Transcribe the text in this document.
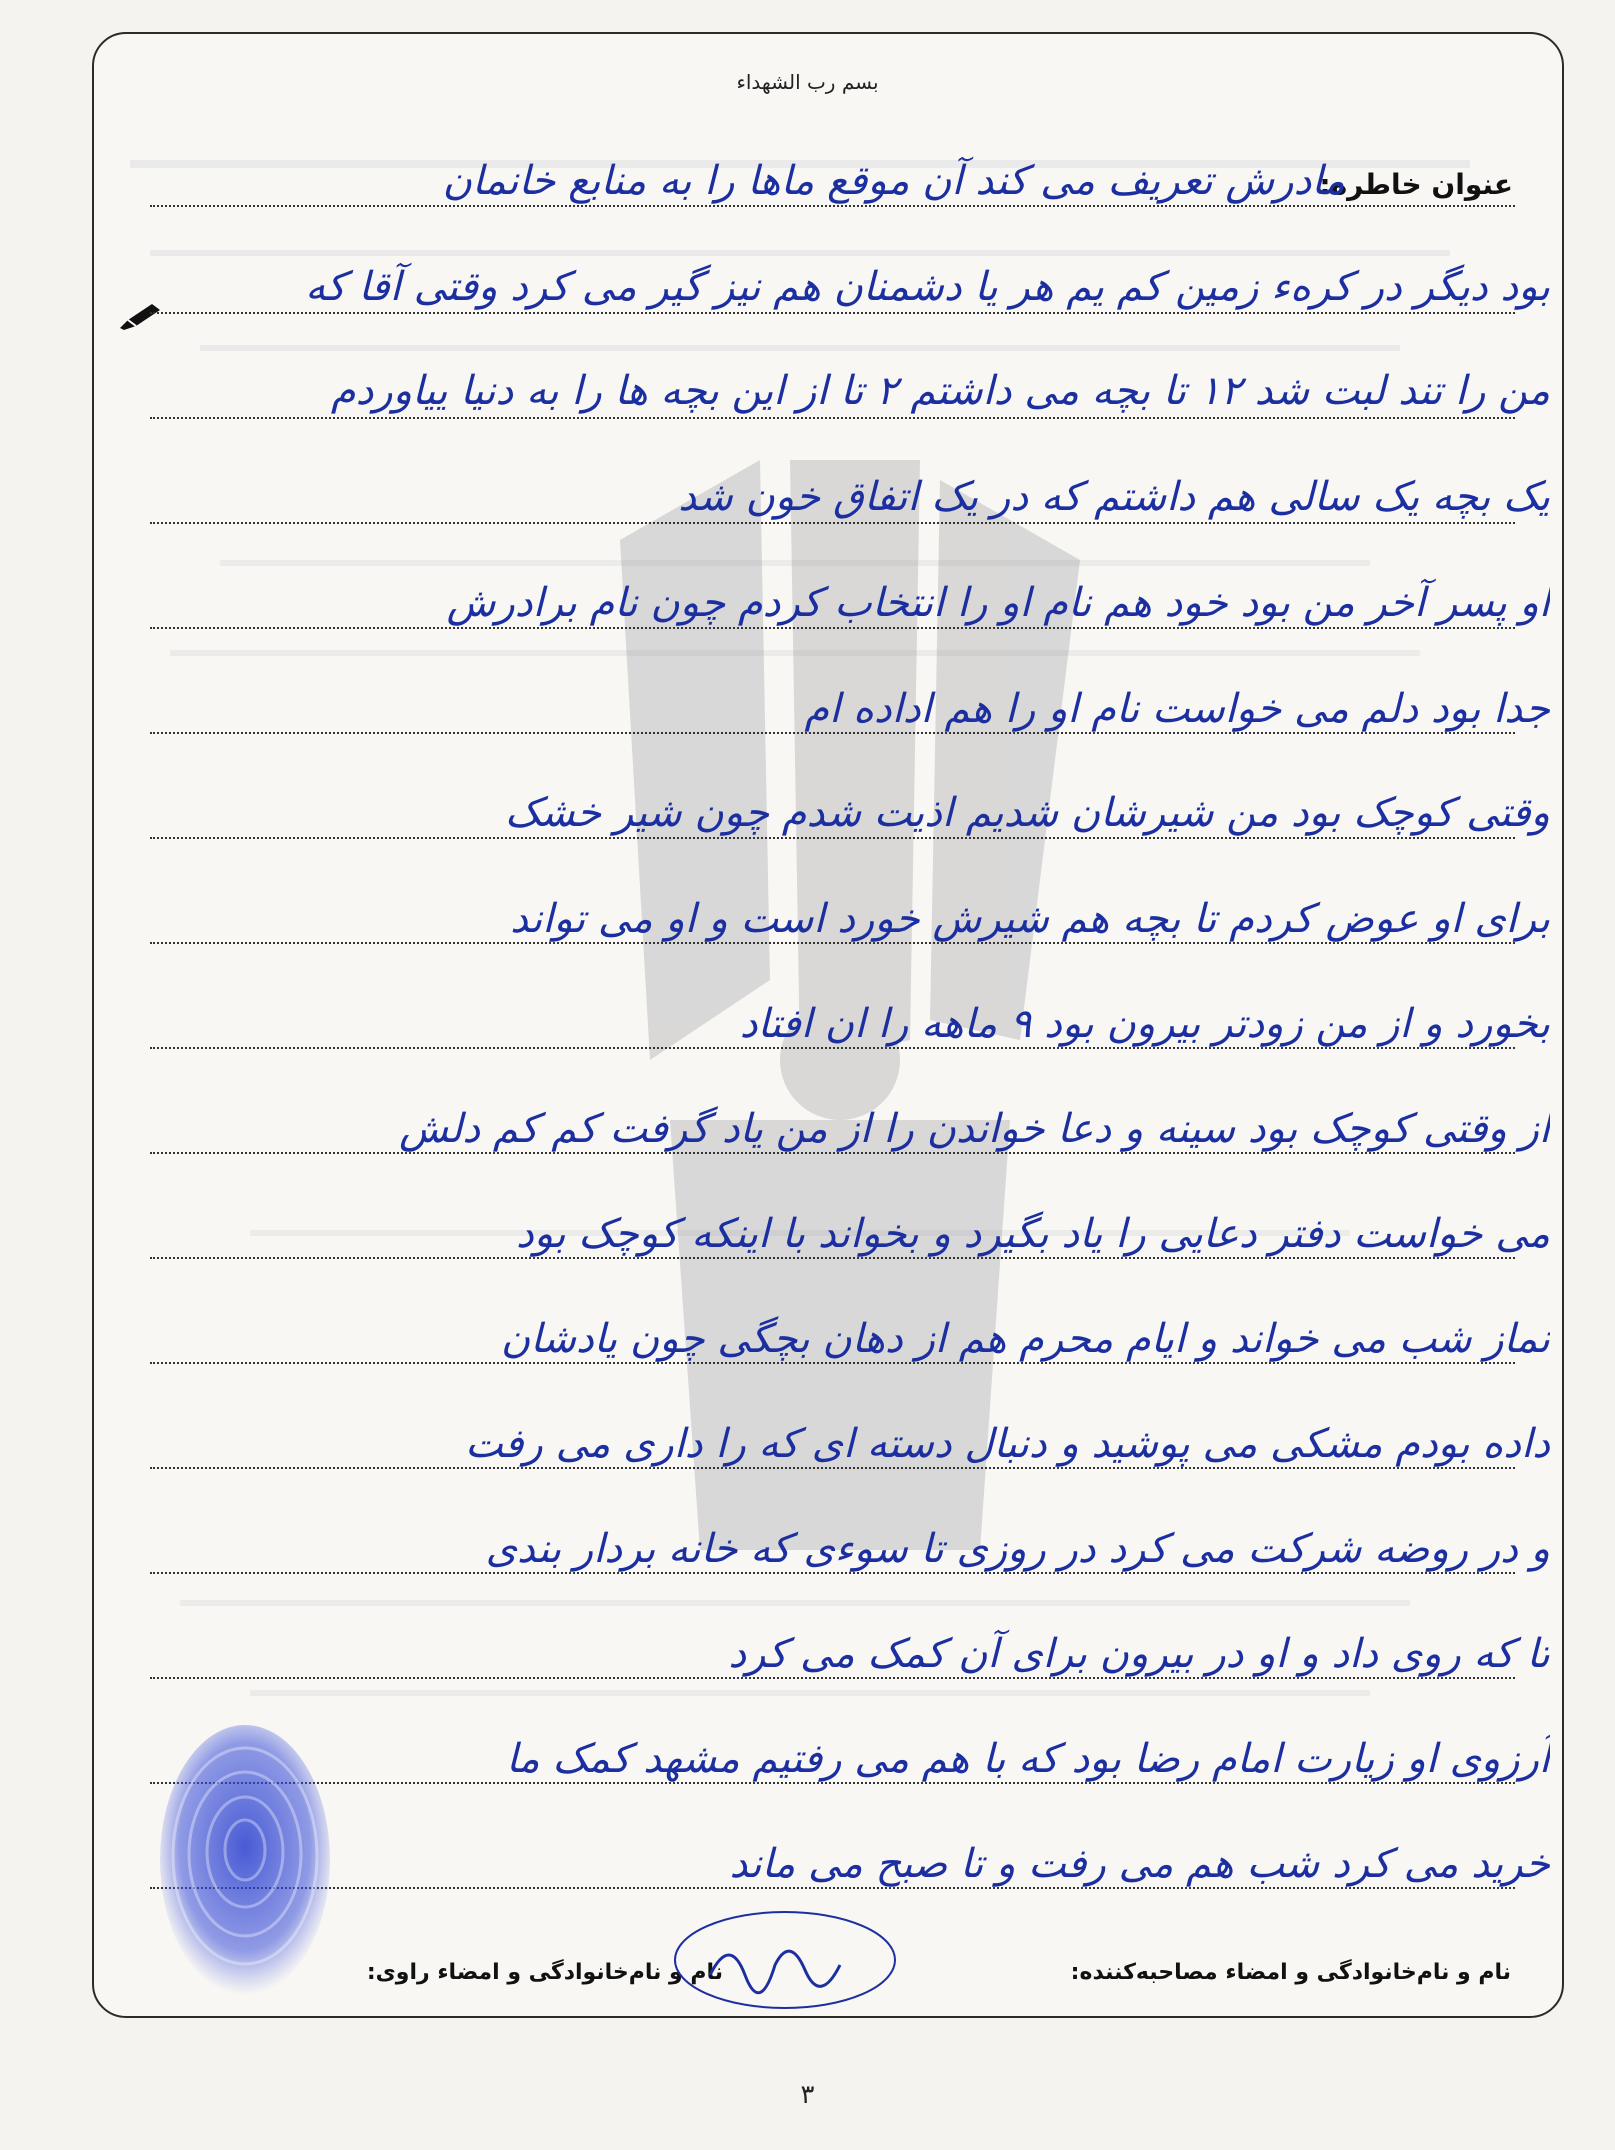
بسم رب الشهداء
عنوان خاطره:
مادرش تعریف می کند آن موقع ماها را به منابع خانمان
بود دیگر در کرهء زمین کم یم هر یا دشمنان هم نیز گیر می کرد وقتی آقا که
من را تند لبت شد ۱۲ تا بچه می داشتم ۲ تا از این بچه ها را به دنیا ییاوردم
یک بچه یک سالی هم داشتم که در یک اتفاق خون شد
او پسر آخر من بود خود هم نام او را انتخاب کردم چون نام برادرش
جدا بود دلم می خواست نام او را هم اداده ام
وقتی کوچک بود من شیرشان شدیم اذیت شدم چون شیر خشک
برای او عوض کردم تا بچه هم شیرش خورد است و او می تواند
بخورد و از من زودتر بیرون بود ۹ ماهه را ان افتاد
از وقتی کوچک بود سینه و دعا خواندن را از من یاد گرفت کم کم دلش
می خواست دفتر دعایی را یاد بگیرد و بخواند با اینکه کوچک بود
نماز شب می خواند و ایام محرم هم از دهان بچگی چون یادشان
داده بودم مشکی می پوشید و دنبال دسته ای که را داری می رفت
و در روضه شرکت می کرد در روزی تا سوءی که خانه بردار بندی
تا که روی داد و او در بیرون برای آن کمک می کرد
آرزوی او زیارت امام رضا بود که با هم می رفتیم مشهد کمک ما
خرید می کرد شب هم می رفت و تا صبح می ماند
نام و نام‌خانوادگی و امضاء مصاحبه‌کننده: نام و نام‌خانوادگی و امضاء راوی:
٣
